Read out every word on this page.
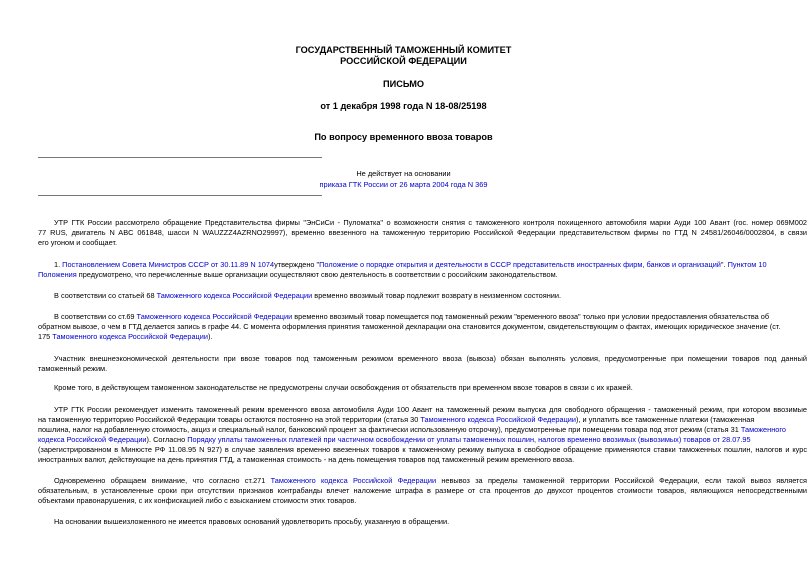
ГОСУДАРСТВЕННЫЙ ТАМОЖЕННЫЙ КОМИТЕТ
РОССИЙСКОЙ ФЕДЕРАЦИИ
ПИСЬМО
от 1 декабря 1998 года N 18-08/25198
По вопросу временного ввоза товаров
Не действует на основании
приказа ГТК России от 26 марта 2004 года N 369
УТР ГТК России рассмотрело обращение Представительства фирмы "ЭнСиСи - Пуломатка" о возможности снятия с таможенного контроля похищенного автомобиля марки Ауди 100 Авант (гос. номер 069М002
77 RUS, двигатель N ABC 061848, шасси N WAUZZZ4AZRNO29997), временно ввезенного на таможенную территорию Российской Федерации представительством фирмы по ГТД N 24581/26046/0002804, в связи
его угоном и сообщает.
1. Постановлением Совета Министров СССР от 30.11.89 N 1074утверждено "Положение о порядке открытия и деятельности в СССР представительств иностранных фирм, банков и организаций". Пунктом 10
Положения предусмотрено, что перечисленные выше организации осуществляют свою деятельность в соответствии с российским законодательством.
В соответствии со статьей 68 Таможенного кодекса Российской Федерации временно ввозимый товар подлежит возврату в неизменном состоянии.
В соответствии со ст.69 Таможенного кодекса Российской Федерации временно ввозимый товар помещается под таможенный режим "временного ввоза" только при условии предоставления обязательства об
обратном вывозе, о чем в ГТД делается запись в графе 44. С момента оформления принятия таможенной декларации она становится документом, свидетельствующим о фактах, имеющих юридическое значение (ст.
175 Таможенного кодекса Российской Федерации).
Участник внешнеэкономической деятельности при ввозе товаров под таможенным режимом временного ввоза (вывоза) обязан выполнять условия, предусмотренные при помещении товаров под данный
таможенный режим.
Кроме того, в действующем таможенном законодательстве не предусмотрены случаи освобождения от обязательств при временном ввозе товаров в связи с их кражей.
УТР ГТК России рекомендует изменить таможенный режим временного ввоза автомобиля Ауди 100 Авант на таможенный режим выпуска для свободного обращения - таможенный режим, при котором ввозимые
на таможенную территорию Российской Федерации товары остаются постоянно на этой территории (статья 30 Таможенного кодекса Российской Федерации), и уплатить все таможенные платежи (таможенная
пошлина, налог на добавленную стоимость, акциз и специальный налог, банковский процент за фактически использованную отсрочку), предусмотренные при помещении товара под этот режим (статья 31 Таможенного
кодекса Российской Федерации). Согласно Порядку уплаты таможенных платежей при частичном освобождении от уплаты таможенных пошлин, налогов временно ввозимых (вывозимых) товаров от 28.07.95
(зарегистрированном в Минюсте РФ 11.08.95 N 927) в случае заявления временно ввезенных товаров к таможенному режиму выпуска в свободное обращение применяются ставки таможенных пошлин, налогов и курс
иностранных валют, действующие на день принятия ГТД, а таможенная стоимость - на день помещения товаров под таможенный режим временного ввоза.
Одновременно обращаем внимание, что согласно ст.271 Таможенного кодекса Российской Федерации невывоз за пределы таможенной территории Российской Федерации, если такой вывоз является
обязательным, в установленные сроки при отсутствии признаков контрабанды влечет наложение штрафа в размере от ста процентов до двухсот процентов стоимости товаров, являющихся непосредственными
объектами правонарушения, с их конфискацией либо с взысканием стоимости этих товаров.
На основании вышеизложенного не имеется правовых оснований удовлетворить просьбу, указанную в обращении.
